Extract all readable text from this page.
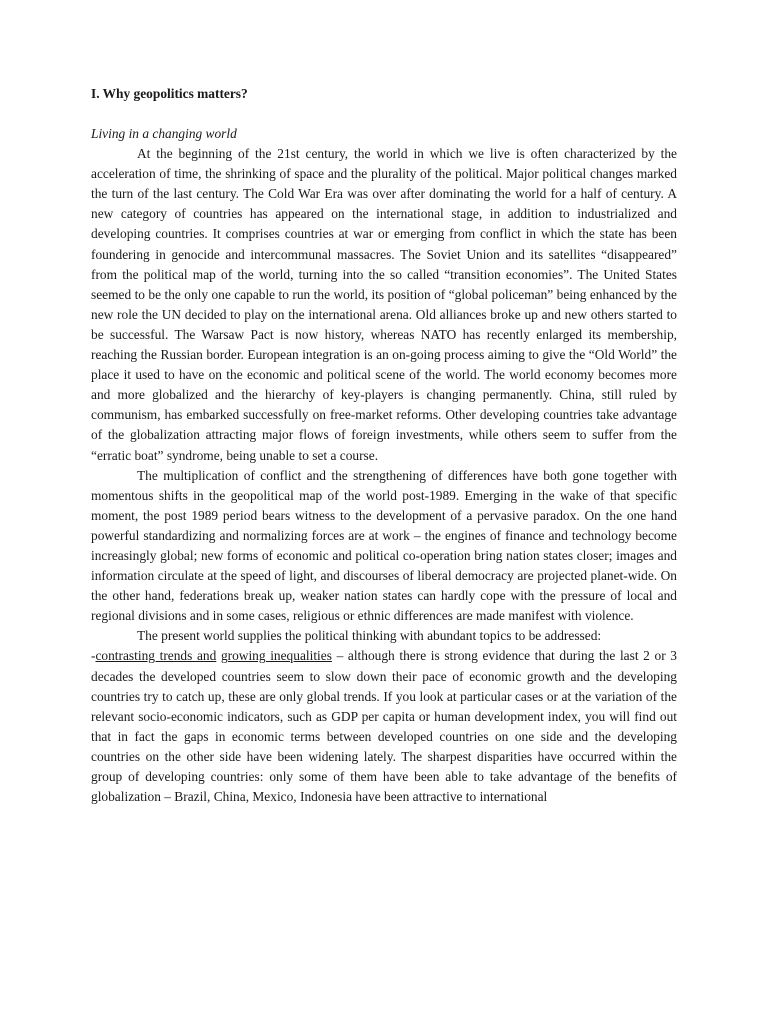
I. Why geopolitics matters?

Living in a changing world

At the beginning of the 21st century, the world in which we live is often characterized by the acceleration of time, the shrinking of space and the plurality of the political. Major political changes marked the turn of the last century. The Cold War Era was over after dominating the world for a half of century. A new category of countries has appeared on the international stage, in addition to industrialized and developing countries. It comprises countries at war or emerging from conflict in which the state has been foundering in genocide and intercommunal massacres. The Soviet Union and its satellites “disappeared” from the political map of the world, turning into the so called “transition economies”. The United States seemed to be the only one capable to run the world, its position of “global policeman” being enhanced by the new role the UN decided to play on the international arena. Old alliances broke up and new others started to be successful. The Warsaw Pact is now history, whereas NATO has recently enlarged its membership, reaching the Russian border. European integration is an on-going process aiming to give the “Old World” the place it used to have on the economic and political scene of the world. The world economy becomes more and more globalized and the hierarchy of key-players is changing permanently. China, still ruled by communism, has embarked successfully on free-market reforms. Other developing countries take advantage of the globalization attracting major flows of foreign investments, while others seem to suffer from the “erratic boat” syndrome, being unable to set a course.

The multiplication of conflict and the strengthening of differences have both gone together with momentous shifts in the geopolitical map of the world post-1989. Emerging in the wake of that specific moment, the post 1989 period bears witness to the development of a pervasive paradox. On the one hand powerful standardizing and normalizing forces are at work – the engines of finance and technology become increasingly global; new forms of economic and political co-operation bring nation states closer; images and information circulate at the speed of light, and discourses of liberal democracy are projected planet-wide. On the other hand, federations break up, weaker nation states can hardly cope with the pressure of local and regional divisions and in some cases, religious or ethnic differences are made manifest with violence.

The present world supplies the political thinking with abundant topics to be addressed:

-contrasting trends and growing inequalities – although there is strong evidence that during the last 2 or 3 decades the developed countries seem to slow down their pace of economic growth and the developing countries try to catch up, these are only global trends. If you look at particular cases or at the variation of the relevant socio-economic indicators, such as GDP per capita or human development index, you will find out that in fact the gaps in economic terms between developed countries on one side and the developing countries on the other side have been widening lately. The sharpest disparities have occurred within the group of developing countries: only some of them have been able to take advantage of the benefits of globalization – Brazil, China, Mexico, Indonesia have been attractive to international
